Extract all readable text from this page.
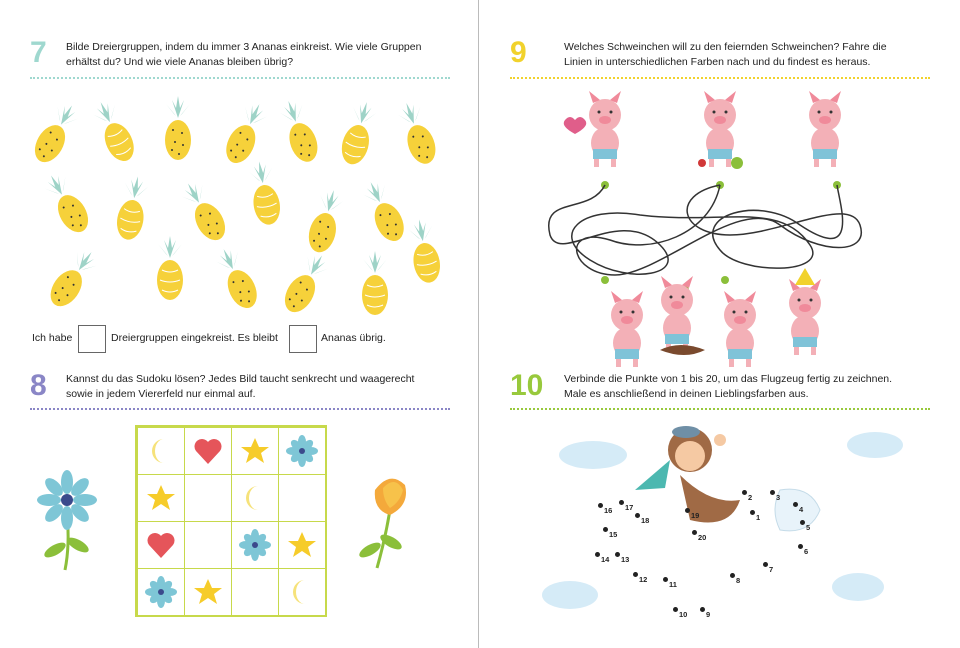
7 Bilde Dreiergruppen, indem du immer 3 Ananas einkreist. Wie viele Gruppen
erhältst du? Und wie viele Ananas bleiben übrig?
Ich habe	Dreiergruppen eingekreist. Es bleibt	Ananas übrig.
8 Kannst du das Sudoku lösen? Jedes Bild taucht senkrecht und waagerecht
sowie in jedem Viererfeld nur einmal auf.
9	Welches Schweinchen will zu den feiernden Schweinchen? Fahre die
Linien in unterschiedlichen Farben nach und du findest es heraus.
10 Verbinde die Punkte von 1 bis 20, um das Flugzeug fertig zu zeichnen.
Male es anschließend in deinen Lieblingsfarben aus.
1
2	3
4
5
6
7
8
9
10
11
12
13
14
15
16 17
18
19
20
